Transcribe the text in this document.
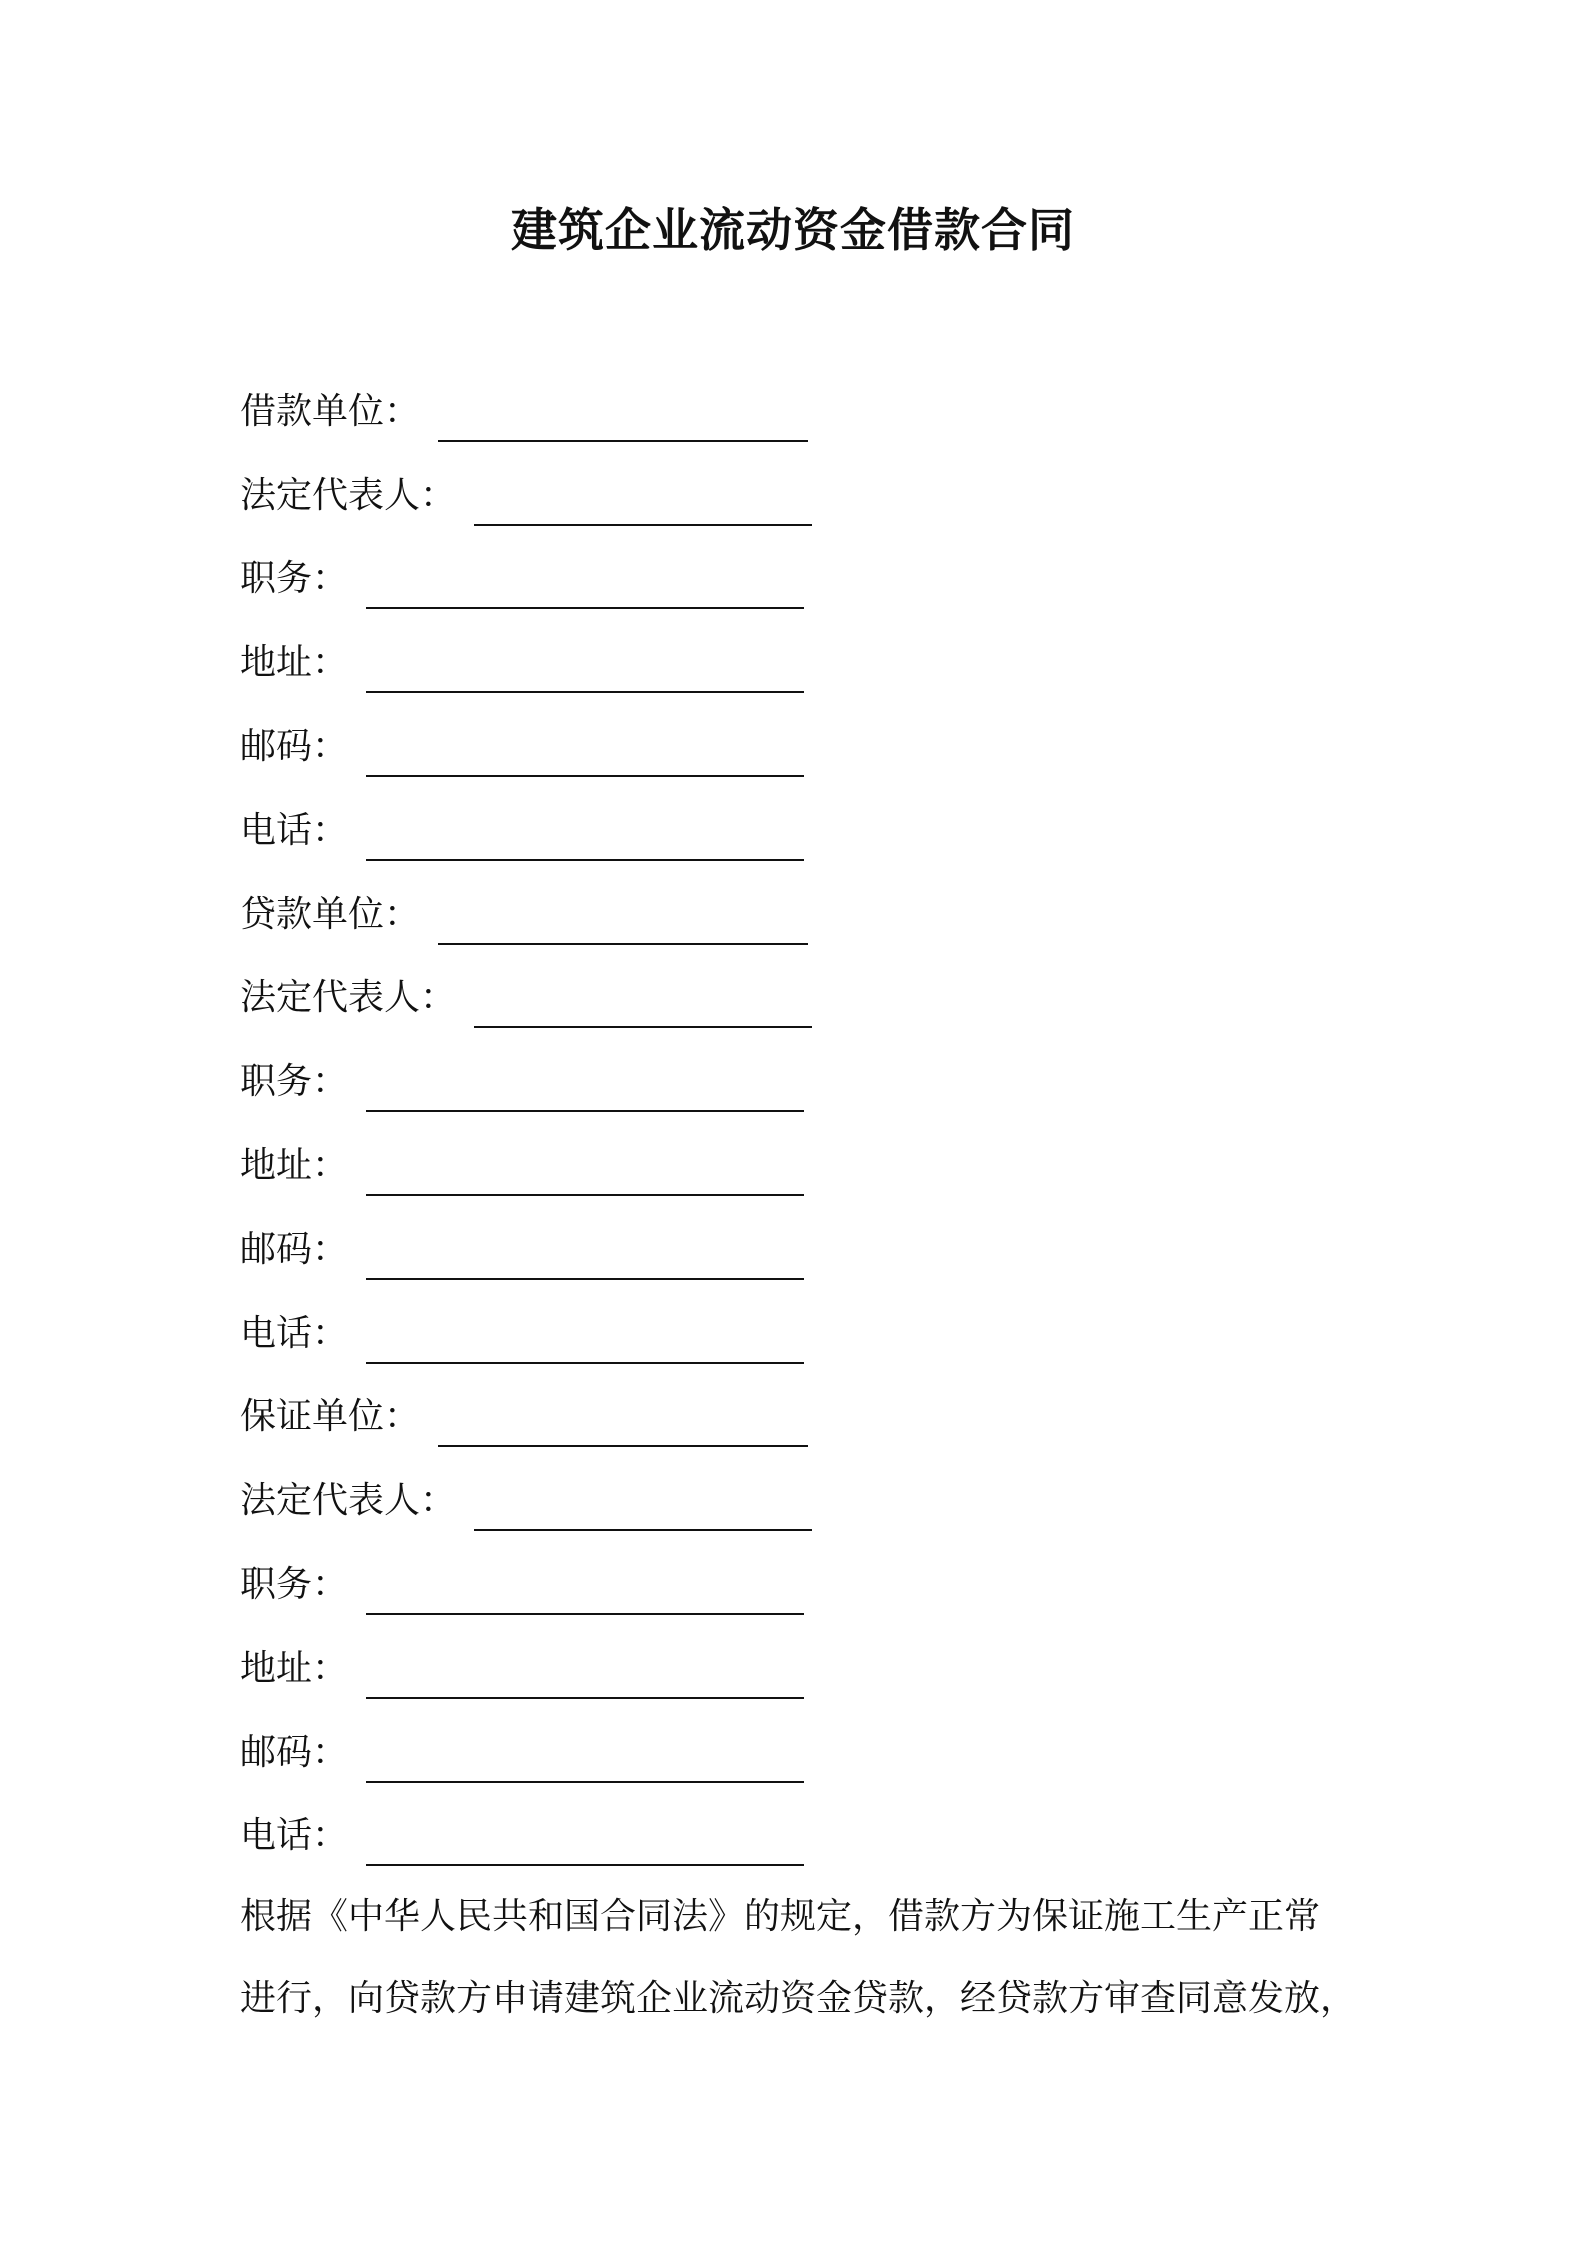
建筑企业流动资金借款合同
借款单位：
法定代表人：
职务：
地址：
邮码：
电话：
贷款单位：
法定代表人：
职务：
地址：
邮码：
电话：
保证单位：
法定代表人：
职务：
地址：
邮码：
电话：
根据《中华人民共和国合同法》的规定，借款方为保证施工生产正常
进行，向贷款方申请建筑企业流动资金贷款，经贷款方审查同意发放，
